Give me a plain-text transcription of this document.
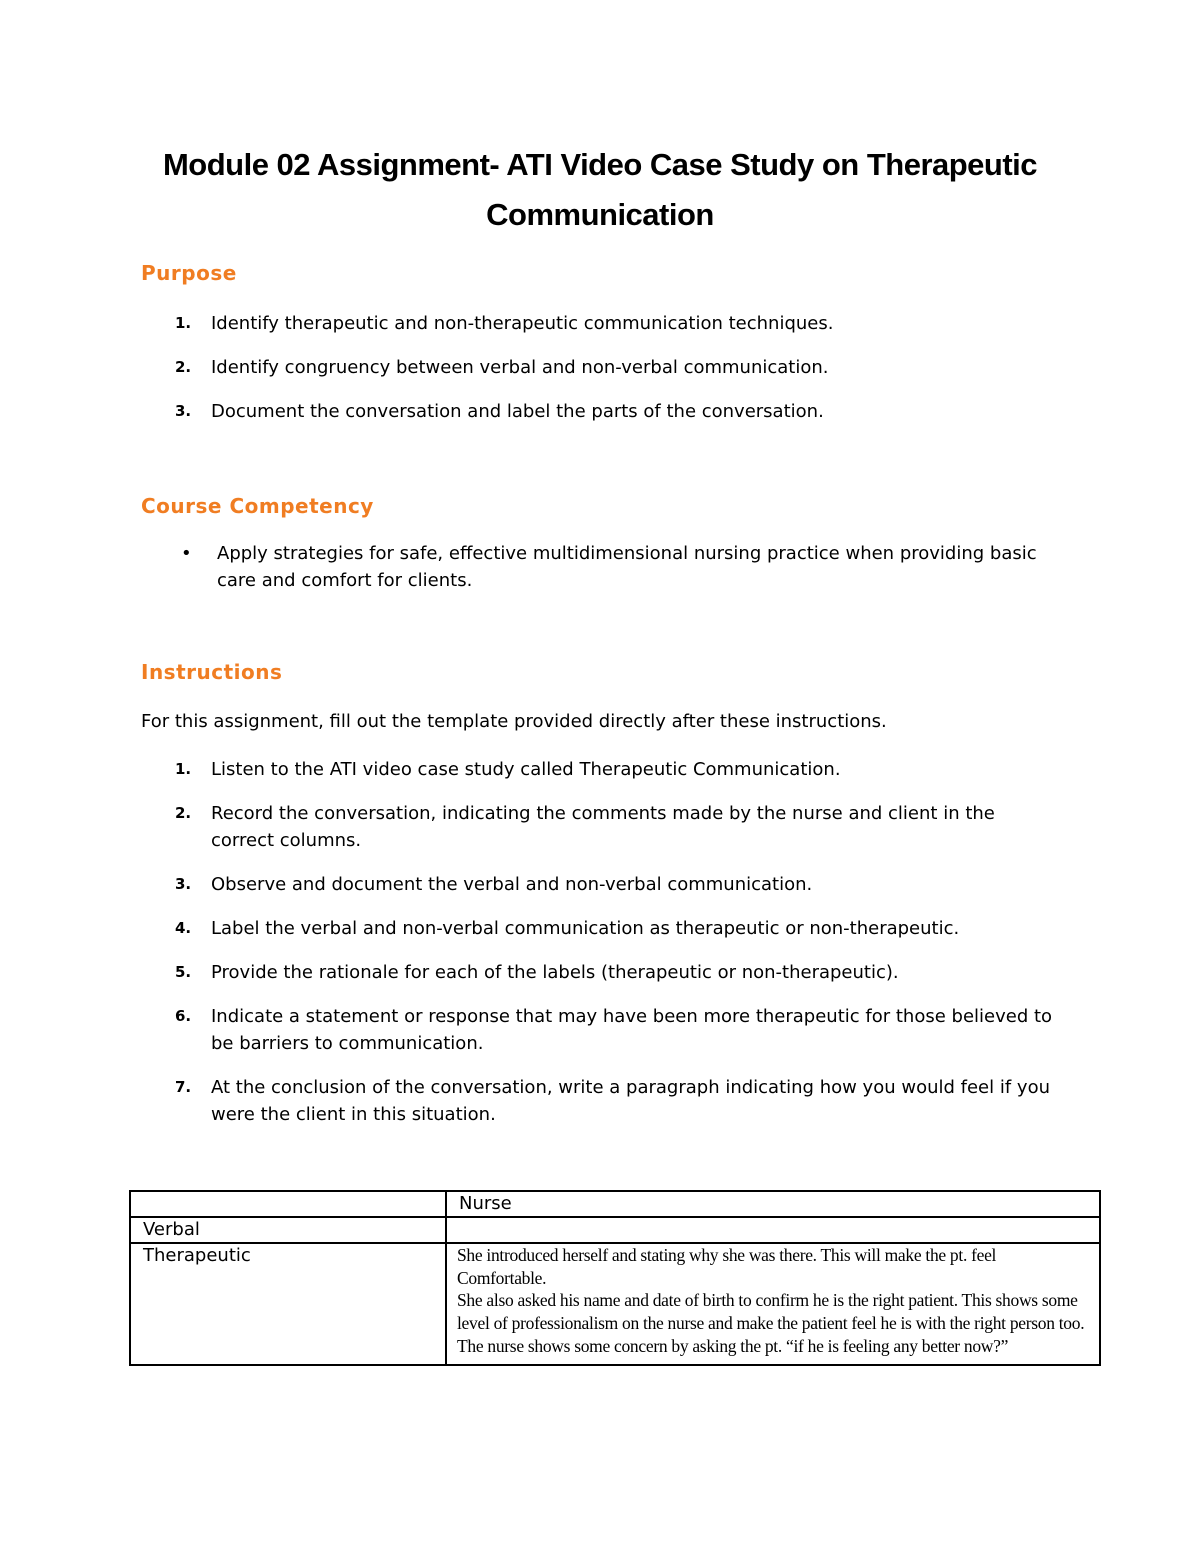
Module 02 Assignment- ATI Video Case Study on Therapeutic Communication
Purpose
1. Identify therapeutic and non-therapeutic communication techniques.
2. Identify congruency between verbal and non-verbal communication.
3. Document the conversation and label the parts of the conversation.
Course Competency
• Apply strategies for safe, effective multidimensional nursing practice when providing basic care and comfort for clients.
Instructions

For this assignment, fill out the template provided directly after these instructions.

1. Listen to the ATI video case study called Therapeutic Communication.
2. Record the conversation, indicating the comments made by the nurse and client in the correct columns.
3. Observe and document the verbal and non-verbal communication.
4. Label the verbal and non-verbal communication as therapeutic or non-therapeutic.
5. Provide the rationale for each of the labels (therapeutic or non-therapeutic).
6. Indicate a statement or response that may have been more therapeutic for those believed to be barriers to communication.
7. At the conclusion of the conversation, write a paragraph indicating how you would feel if you were the client in this situation.
	Nurse
Verbal	
Therapeutic	She introduced herself and stating why she was there. This will make the pt. feel Comfortable.

She also asked his name and date of birth to confirm he is the right patient. This shows some level of professionalism on the nurse and make the patient feel he is with the right person too.

The nurse shows some concern by asking the pt. “if he is feeling any better now?”
